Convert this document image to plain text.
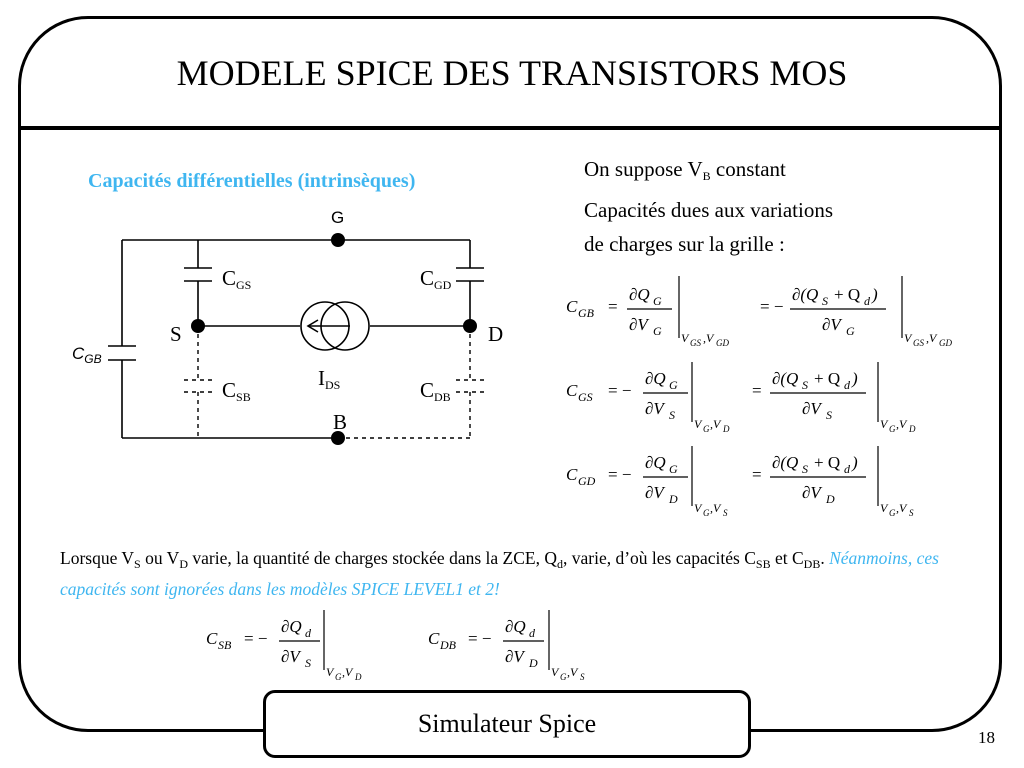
MODELE SPICE DES TRANSISTORS MOS
Capacités différentielles (intrinsèques)	On suppose $V_B$ constant
Capacités dues aux variations
de charges sur la grille :
G
S	D
B
$C_{GS}$	$C_{GD}$
$C_{SB}$	$C_{DB}$
$C_{GB}$
$I_{DS}$
C GB =
∂Q G
∂V G V GS ,V GD
= −
∂(Q S + Q d )
∂V G	V GS ,V GD
C GS = −
∂Q G
∂V S
V G ,V D
=
∂(Q S + Q d )
∂V S
V G ,V D
C GD = −
∂Q G
∂V D
V G ,V S
=
∂(Q S + Q d )
∂V D
V G ,V S
C SB = −
∂Q d
∂V S
V G ,V D
C DB = −
∂Q d
∂V D
V G ,V S
Lorsque $V_S$ ou $V_D$ varie, la quantité de charges stockée dans la ZCE, $Q_d$, varie, d’où les capacités $C_{SB}$ et $C_{DB}$. Néanmoins, ces capacités sont ignorées dans les modèles SPICE LEVEL1 et 2!
Simulateur Spice	18
